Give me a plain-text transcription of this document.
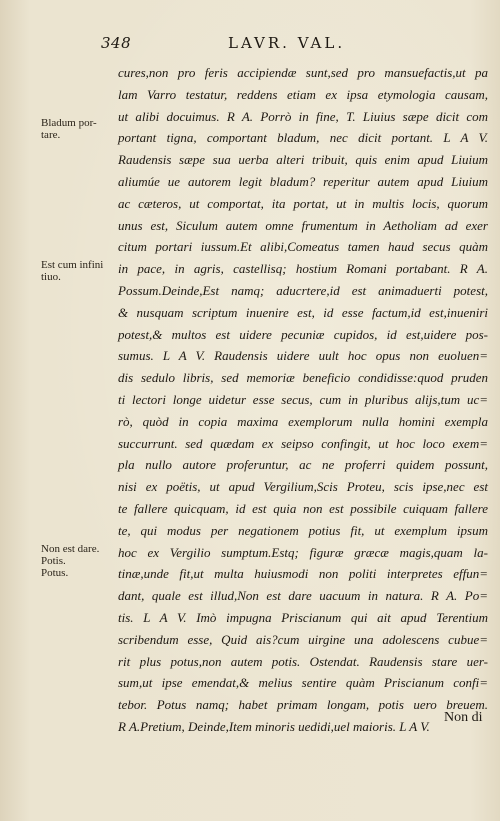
348	LAVR. VAL.
Bladum por-
tare.
Est cum infini
tiuo.
Non est dare.
Potis.
Potus.
cures,non pro feris accipiendæ sunt,sed pro mansuefactis,ut pa
lam Varro testatur, reddens etiam ex ipsa etymologia causam,
ut alibi docuimus. R A. Porrò in fine, T. Liuius sæpe dicit com
portant tigna, comportant bladum, nec dicit portant. L A V.
Raudensis sæpe sua uerba alteri tribuit, quis enim apud Liuium
aliumúe ue autorem legit bladum? reperitur autem apud Liuium
ac cæteros, ut comportat, ita portat, ut in multis locis, quorum
unus est, Siculum autem omne frumentum in Aetholiam ad exer
citum portari iussum.Et alibi,Comeatus tamen haud secus quàm
in pace, in agris, castellisq; hostium Romani portabant. R A.
Possum.Deinde,Est namq; aducrtere,id est animaduerti potest,
& nusquam scriptum inuenire est, id esse factum,id est,inueniri
potest,& multos est uidere pecuniæ cupidos, id est,uidere pos-
sumus. L A V. Raudensis uidere uult hoc opus non euoluen=
dis sedulo libris, sed memoriæ beneficio condidisse:quod pruden
ti lectori longe uidetur esse secus, cum in pluribus alijs,tum uc=
rò, quòd in copia maxima exemplorum nulla homini exempla
succurrunt. sed quædam ex seipso confingit, ut hoc loco exem=
pla nullo autore proferuntur, ac ne proferri quidem possunt,
nisi ex poëtis, ut apud Vergilium,Scis Proteu, scis ipse,nec est
te fallere quicquam, id est quia non est possibile cuiquam fallere
te, qui modus per negationem potius fit, ut exemplum ipsum
hoc ex Vergilio sumptum.Estq; figuræ græcæ magis,quam la-
tinæ,unde fit,ut multa huiusmodi non politi interpretes effun=
dant, quale est illud,Non est dare uacuum in natura. R A. Po=
tis. L A V. Imò impugna Priscianum qui ait apud Terentium
scribendum esse, Quid ais?cum uirgine una adolescens cubue=
rit plus potus,non autem potis. Ostendat. Raudensis stare uer-
sum,ut ipse emendat,& melius sentire quàm Priscianum confi=
tebor. Potus namq; habet primam longam, potis uero breuem.
R A.Pretium, Deinde,Item minoris uedidi,uel maioris. L A V.
Non di
